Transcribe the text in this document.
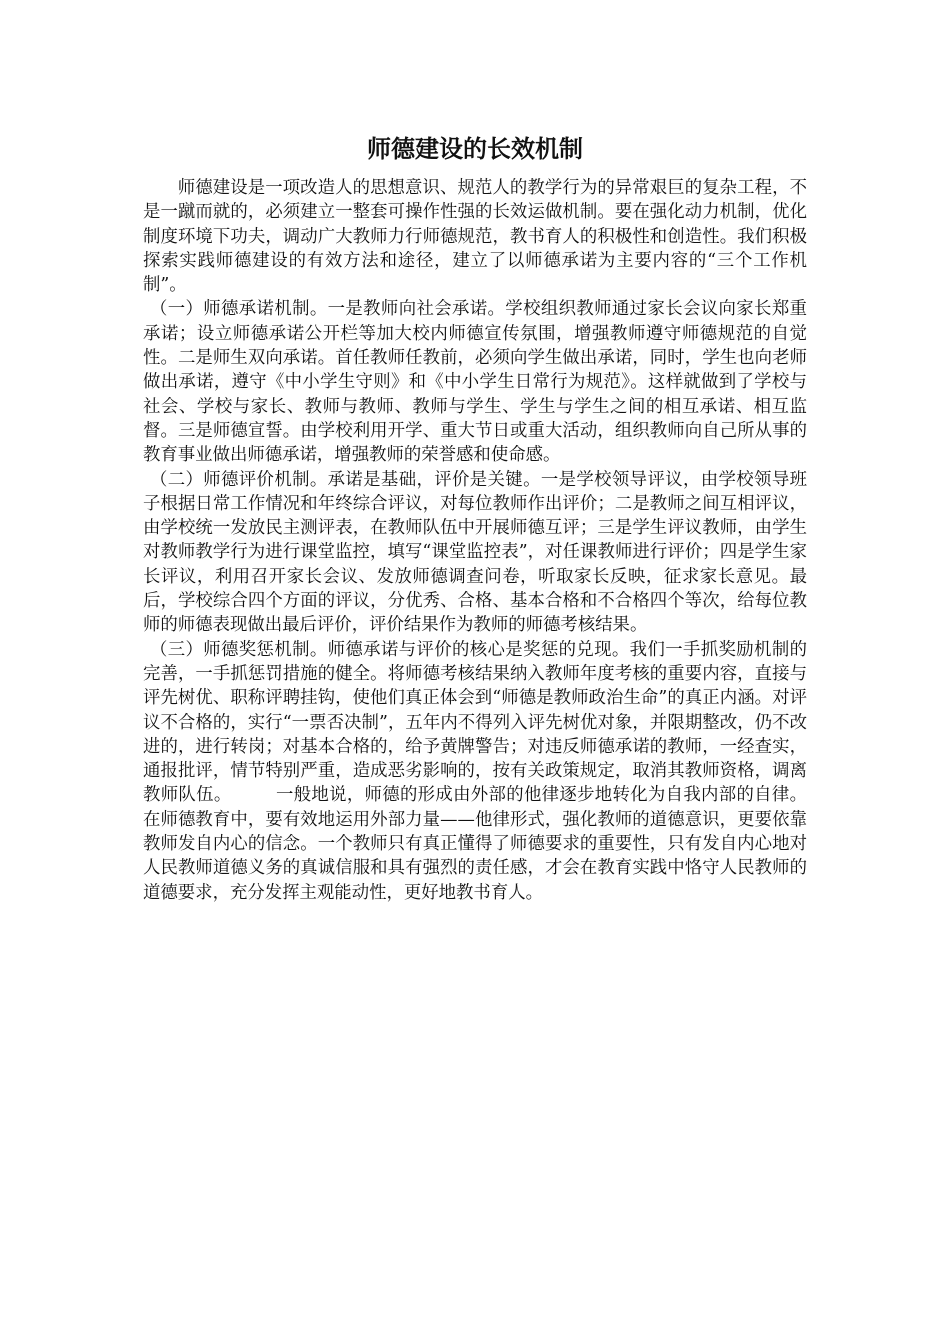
师德建设的长效机制

师德建设是一项改造人的思想意识、规范人的教学行为的异常艰巨的复杂工程，不是一蹴而就的，必须建立一整套可操作性强的长效运做机制。要在强化动力机制，优化制度环境下功夫，调动广大教师力行师德规范，教书育人的积极性和创造性。我们积极探索实践师德建设的有效方法和途径，建立了以师德承诺为主要内容的“三个工作机制”。

（一）师德承诺机制。一是教师向社会承诺。学校组织教师通过家长会议向家长郑重承诺；设立师德承诺公开栏等加大校内师德宣传氛围，增强教师遵守师德规范的自觉性。二是师生双向承诺。首任教师任教前，必须向学生做出承诺，同时，学生也向老师做出承诺，遵守《中小学生守则》和《中小学生日常行为规范》。这样就做到了学校与社会、学校与家长、教师与教师、教师与学生、学生与学生之间的相互承诺、相互监督。三是师德宣誓。由学校利用开学、重大节日或重大活动，组织教师向自己所从事的教育事业做出师德承诺，增强教师的荣誉感和使命感。

（二）师德评价机制。承诺是基础，评价是关键。一是学校领导评议，由学校领导班子根据日常工作情况和年终综合评议，对每位教师作出评价；二是教师之间互相评议，由学校统一发放民主测评表，在教师队伍中开展师德互评；三是学生评议教师，由学生对教师教学行为进行课堂监控，填写“课堂监控表”，对任课教师进行评价；四是学生家长评议，利用召开家长会议、发放师德调查问卷，听取家长反映，征求家长意见。最后，学校综合四个方面的评议，分优秀、合格、基本合格和不合格四个等次，给每位教师的师德表现做出最后评价，评价结果作为教师的师德考核结果。

（三）师德奖惩机制。师德承诺与评价的核心是奖惩的兑现。我们一手抓奖励机制的完善，一手抓惩罚措施的健全。将师德考核结果纳入教师年度考核的重要内容，直接与评先树优、职称评聘挂钩，使他们真正体会到“师德是教师政治生命”的真正内涵。对评议不合格的，实行“一票否决制”，五年内不得列入评先树优对象，并限期整改，仍不改进的，进行转岗；对基本合格的，给予黄牌警告；对违反师德承诺的教师，一经查实，通报批评，情节特别严重，造成恶劣影响的，按有关政策规定，取消其教师资格，调离教师队伍。　　　一般地说，师德的形成由外部的他律逐步地转化为自我内部的自律。在师德教育中，要有效地运用外部力量——他律形式，强化教师的道德意识，更要依靠教师发自内心的信念。一个教师只有真正懂得了师德要求的重要性，只有发自内心地对人民教师道德义务的真诚信服和具有强烈的责任感，才会在教育实践中恪守人民教师的道德要求，充分发挥主观能动性，更好地教书育人。
